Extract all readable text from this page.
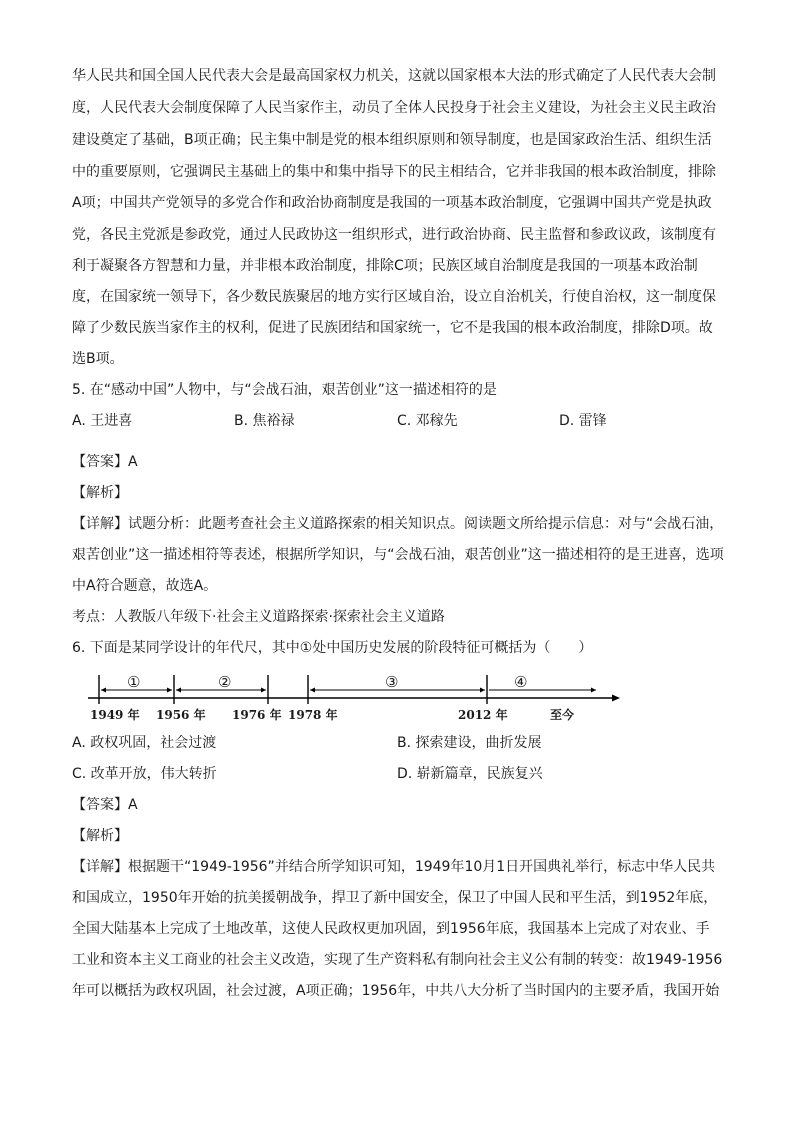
华人民共和国全国人民代表大会是最高国家权力机关，这就以国家根本大法的形式确定了人民代表大会制
度，人民代表大会制度保障了人民当家作主，动员了全体人民投身于社会主义建设，为社会主义民主政治
建设奠定了基础，B项正确；民主集中制是党的根本组织原则和领导制度，也是国家政治生活、组织生活
中的重要原则，它强调民主基础上的集中和集中指导下的民主相结合，它并非我国的根本政治制度，排除
A项；中国共产党领导的多党合作和政治协商制度是我国的一项基本政治制度，它强调中国共产党是执政
党，各民主党派是参政党，通过人民政协这一组织形式，进行政治协商、民主监督和参政议政，该制度有
利于凝聚各方智慧和力量，并非根本政治制度，排除C项；民族区域自治制度是我国的一项基本政治制
度，在国家统一领导下，各少数民族聚居的地方实行区域自治，设立自治机关，行使自治权，这一制度保
障了少数民族当家作主的权利，促进了民族团结和国家统一，它不是我国的根本政治制度，排除D项。故
选B项。
5. 在“感动中国”人物中，与“会战石油，艰苦创业”这一描述相符的是
A. 王进喜	B. 焦裕禄	C. 邓稼先	D. 雷锋
【答案】A
【解析】
【详解】试题分析：此题考查社会主义道路探索的相关知识点。阅读题文所给提示信息：对与“会战石油，
艰苦创业”这一描述相符等表述，根据所学知识，与“会战石油，艰苦创业”这一描述相符的是王进喜，选项
中A符合题意，故选A。
考点：人教版八年级下·社会主义道路探索·探索社会主义道路
6. 下面是某同学设计的年代尺，其中①处中国历史发展的阶段特征可概括为（　　）
①	②	③	④
1949 年 1956 年 1976 年 1978 年	2012 年	至今
A. 政权巩固，社会过渡	B. 探索建设，曲折发展
C. 改革开放，伟大转折	D. 崭新篇章，民族复兴
【答案】A
【解析】
【详解】根据题干“1949-1956”并结合所学知识可知，1949年10月1日开国典礼举行，标志中华人民共
和国成立，1950年开始的抗美援朝战争，捍卫了新中国安全，保卫了中国人民和平生活，到1952年底，
全国大陆基本上完成了土地改革，这使人民政权更加巩固，到1956年底，我国基本上完成了对农业、手
工业和资本主义工商业的社会主义改造，实现了生产资料私有制向社会主义公有制的转变：故1949-1956
年可以概括为政权巩固，社会过渡，A项正确；1956年，中共八大分析了当时国内的主要矛盾，我国开始
